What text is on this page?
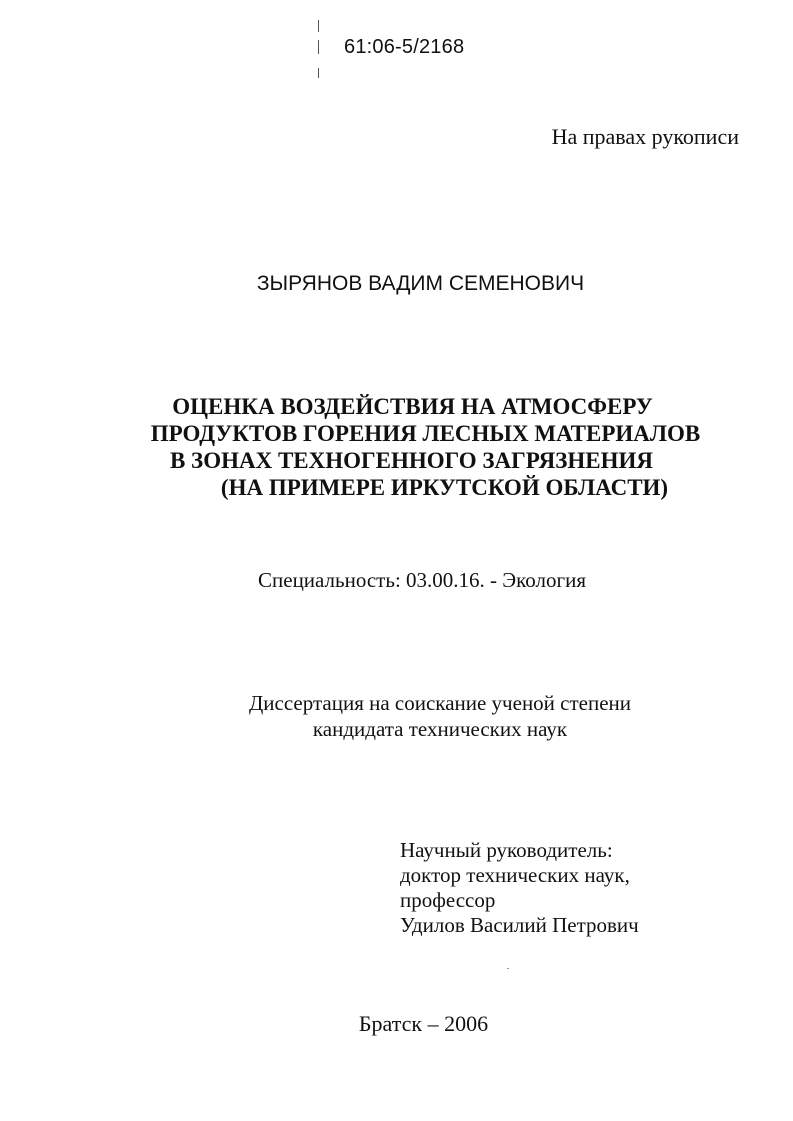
61:06-5/2168
На правах рукописи
ЗЫРЯНОВ ВАДИМ СЕМЕНОВИЧ
ОЦЕНКА ВОЗДЕЙСТВИЯ НА АТМОСФЕРУ
ПРОДУКТОВ ГОРЕНИЯ ЛЕСНЫХ МАТЕРИАЛОВ
В ЗОНАХ ТЕХНОГЕННОГО ЗАГРЯЗНЕНИЯ
(НА ПРИМЕРЕ ИРКУТСКОЙ ОБЛАСТИ)
Специальность: 03.00.16. - Экология
Диссертация на соискание ученой степени
кандидата технических наук
Научный руководитель:
доктор технических наук,
профессор
Удилов Василий Петрович
Братск – 2006
